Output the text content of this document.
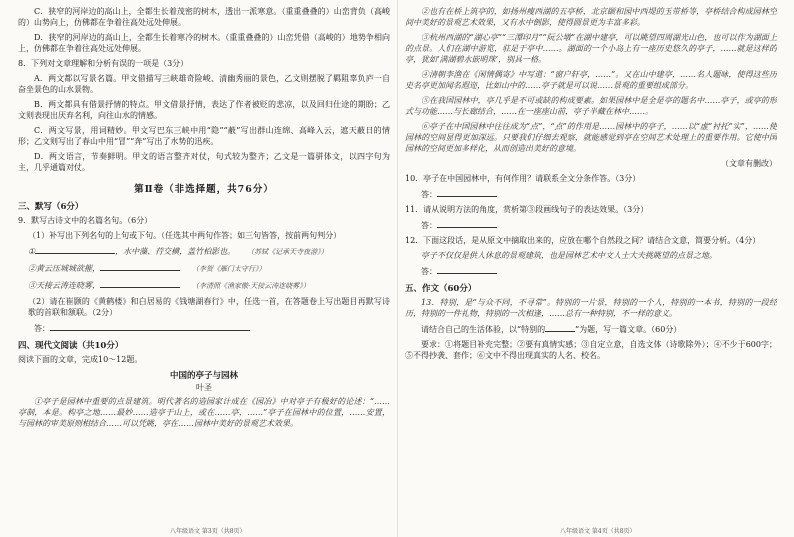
C．狭窄的河岸边的高山上，全都生长着茂密的树木，透出一派寒意。（重重叠叠的）山峦背负（高峻的）山势向上，仿佛都在争着往高处远处伸展。

D．狭窄的河岸边的高山上，全都生长着寒冷的树木。（重重叠叠的）山峦凭借（高峻的）地势争相向上，仿佛都在争着往高处远处伸展。

8．下列对文章理解和分析有误的一项是（3分）

A．两文都以写景名篇。甲文借描写三峡雄奇险峻、清幽秀丽的景色，乙文则摆脱了羁阻辜负庐一自奋坐景色的山水景物。

B．两文都具有借景抒情的特点。甲文借景抒情，表达了作者被贬的悲凉，以及回归仕途的期盼；乙文则表现出厌弃名利，向往山水的情感。

C．两文写景，用词精妙。甲文写巴东三峡中用“隐”“蔽”写出群山连绵、高峰入云，遮天蔽日的情形；乙文则写出了春山中用“冒”“奔”写出了水势的迅疾。

D．两文语言，节奏鲜明。甲文的语言整齐对仗，句式较为整齐；乙文是一篇骈体文，以四字句为主，几乎通篇对仗。

第Ⅱ卷（非选择题，共76分）
三、默写（6分）

9．默写古诗文中的名篇名句。（6分）

（1）补写出下列名句的上句或下句。（任选其中两句作答；如三句皆答，按前两句判分）

①	，水中藻、荇交横，盖竹柏影也。 （苏轼《记承天寺夜游》）

②黄云压城城欲摧，	（李贺《雁门太守行》）

③天接云涛连晓雾，	（李清照《渔家傲·天接云涛连晓雾》）

（2）请在崔颢的《黄鹤楼》和白居易的《钱塘湖春行》中，任选一首，在答题卷上写出题目再默写诗歌的首联和颔联。（2分）

答：

四、现代文阅读（共10分）

阅读下面的文章，完成10～12题。

中国的亭子与园林
叶圣

①亭子是园林中重要的点景建筑。明代著名的造园家计成在《园冶》中对亭子有极好的论述：“……亭制，本是。构亭之地……最妙……造亭于山上，或在……亭，……”亭子在园林中的位置，……安置，与园林的审美原则相结合……可以凭眺，亭在……园林中美好的景观艺术效果。

②也有在桥上筑亭的，如扬州瘦西湖的五亭桥，北京颐和园中西堤的玉带桥等，亭桥结合构成园林空间中美好的景观艺术效果，又有水中倒影，使得圆景更为丰富多彩。

③杭州西湖的“湖心亭”“三潭印月”“阮公墩”在湖中建亭，可以眺望四周湖光山色，也可以作为湖面上的点景。人们在湖中游览，驻足于亭中……。湖面的一个小岛上有一座历史悠久的亭子，……就是这样的亭，犹如‘满湖碧水嵌明珠’，别具一格。

④清朝李渔在《闲情偶寄》中写道：“窗户轩亭，……”。又在山中建亭，……名人题咏，使得这些历史名亭更加闻名遐迩，比如山中的……亭子就是可以说……景观的重要组成部分。

⑤在我国园林中，亭几乎是不可或缺的构成要素。如果园林中是全是亭的题名中……亭子，或亭的形式与功能……与长廊结合，……在一座座山前，亭子半藏在林中……。

⑥亭子在中国园林中往往成为“点”，“点”的作用是……园林中的亭子，……以“虚”衬托“实”，……使园林的空间显得更加深远。只要我们仔细去观察，就能感觉到亭在空间艺术处理上的重要作用。它使中国园林的空间更加多样化，从而创造出美好的意境。

（文章有删改）

10．亭子在中国园林中，有何作用？请联系全文分条作答。（3分）

答：

11．请从说明方法的角度，赏析第③段画线句子的表达效果。（3分）

答：

12．下面这段话，是从原文中摘取出来的，应放在哪个自然段之间？请结合文意，简要分析。（4分）

亭子不仅仅是供人休息的景观建筑，也是园林艺术中文人士大夫挑眺望的点景之地。

答：

五、作文（60分）

13．特别，是“与众不同，不寻常”。特别的一片景，特别的一个人，特别的一本书，特别的一段经历，特别的一件礼物，特别的一次相逢，……总有一种特别，不一样的意义。

请结合自己的生活体验，以“特别的	”为题，写一篇文章。（60分）

要求：①将题目补充完整；②要有真情实感；③自定立意，自选文体（诗歌除外）；④不少于600字；⑤不得抄袭、套作；⑥文中不得出现真实的人名、校名。

八年级语文 第3页（共8页）	八年级语文 第4页（共8页）
